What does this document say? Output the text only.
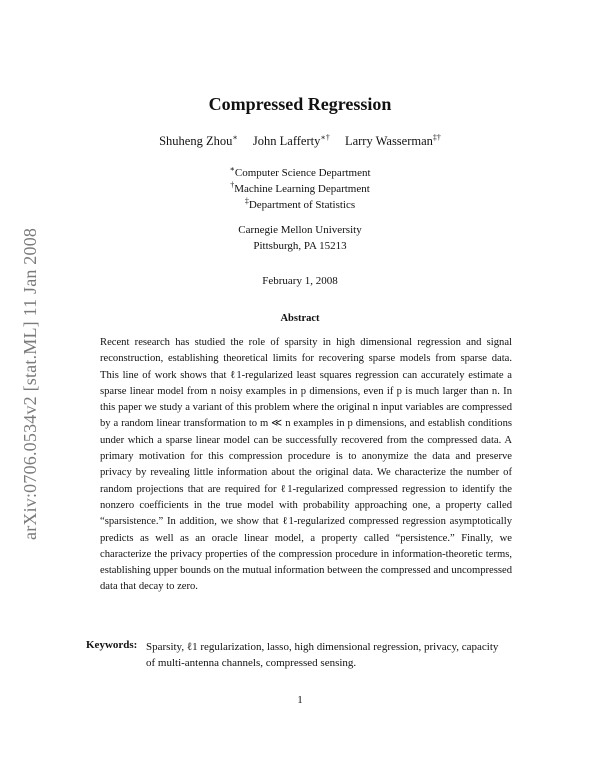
arXiv:0706.0534v2 [stat.ML] 11 Jan 2008
Compressed Regression
Shuheng Zhou∗ John Lafferty∗† Larry Wasserman‡†
∗Computer Science Department
†Machine Learning Department
‡Department of Statistics
Carnegie Mellon University
Pittsburgh, PA 15213
February 1, 2008
Abstract

Recent research has studied the role of sparsity in high dimensional regression and signal reconstruction, establishing theoretical limits for recovering sparse models from sparse data. This line of work shows that ℓ1-regularized least squares regression can accurately estimate a sparse linear model from n noisy examples in p dimensions, even if p is much larger than n. In this paper we study a variant of this problem where the original n input variables are compressed by a random linear transformation to m ≪ n examples in p dimensions, and establish conditions under which a sparse linear model can be successfully recovered from the compressed data. A primary motivation for this compression procedure is to anonymize the data and preserve privacy by revealing little information about the original data. We characterize the number of random projections that are required for ℓ1-regularized compressed regression to identify the nonzero coefficients in the true model with probability approaching one, a property called “sparsistence.” In addition, we show that ℓ1-regularized compressed regression asymptotically predicts as well as an oracle linear model, a property called “persistence.” Finally, we characterize the privacy properties of the compression procedure in information-theoretic terms, establishing upper bounds on the mutual information between the compressed and uncompressed data that decay to zero.

Keywords: Sparsity, ℓ1 regularization, lasso, high dimensional regression, privacy, capacity of multi-antenna channels, compressed sensing.

1
